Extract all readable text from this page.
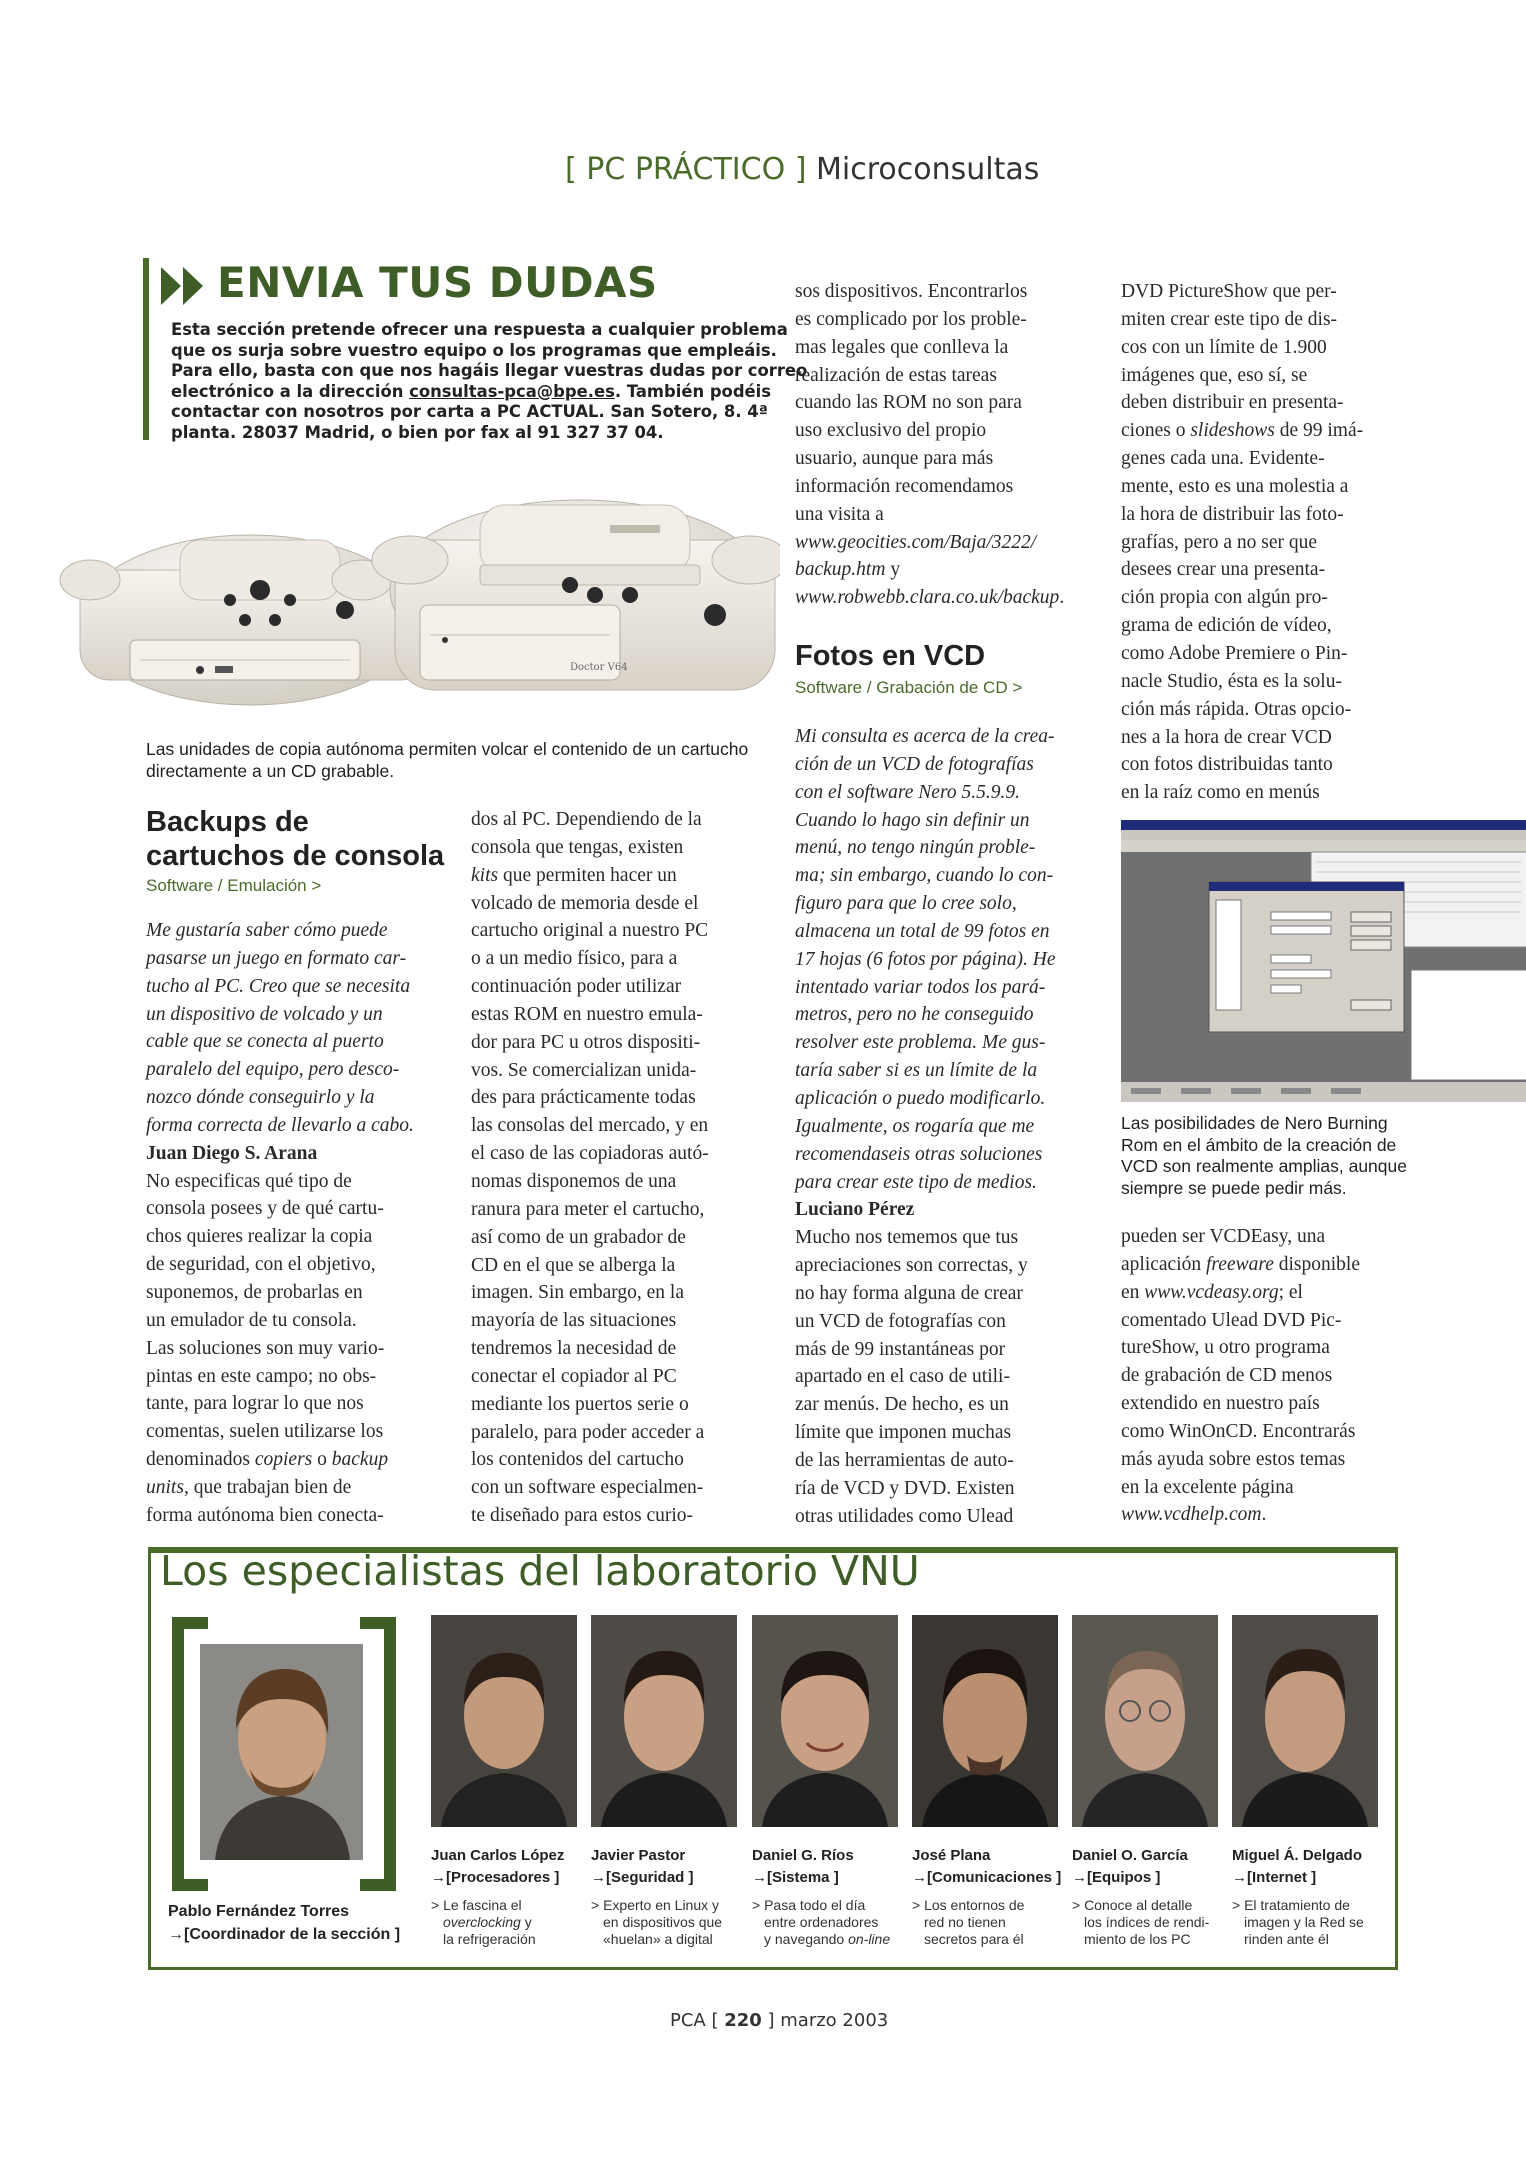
[ PC PRÁCTICO ] Microconsultas
ENVIA TUS DUDAS
Esta sección pretende ofrecer una respuesta a cualquier problema
que os surja sobre vuestro equipo o los programas que empleáis.
Para ello, basta con que nos hagáis llegar vuestras dudas por correo
electrónico a la dirección consultas-pca@bpe.es. También podéis
contactar con nosotros por carta a PC ACTUAL. San Sotero, 8. 4ª
planta. 28037 Madrid, o bien por fax al 91 327 37 04.
Doctor V64
Las unidades de copia autónoma permiten volcar el contenido de un cartucho
directamente a un CD grabable.
Backups de
cartuchos de consola
Software / Emulación >
Me gustaría saber cómo puede
pasarse un juego en formato car-
tucho al PC. Creo que se necesita
un dispositivo de volcado y un
cable que se conecta al puerto
paralelo del equipo, pero desco-
nozco dónde conseguirlo y la
forma correcta de llevarlo a cabo.
Juan Diego S. Arana
No especificas qué tipo de
consola posees y de qué cartu-
chos quieres realizar la copia
de seguridad, con el objetivo,
suponemos, de probarlas en
un emulador de tu consola.
Las soluciones son muy vario-
pintas en este campo; no obs-
tante, para lograr lo que nos
comentas, suelen utilizarse los
denominados copiers o backup
units, que trabajan bien de
forma autónoma bien conecta-
dos al PC. Dependiendo de la
consola que tengas, existen
kits que permiten hacer un
volcado de memoria desde el
cartucho original a nuestro PC
o a un medio físico, para a
continuación poder utilizar
estas ROM en nuestro emula-
dor para PC u otros dispositi-
vos. Se comercializan unida-
des para prácticamente todas
las consolas del mercado, y en
el caso de las copiadoras autó-
nomas disponemos de una
ranura para meter el cartucho,
así como de un grabador de
CD en el que se alberga la
imagen. Sin embargo, en la
mayoría de las situaciones
tendremos la necesidad de
conectar el copiador al PC
mediante los puertos serie o
paralelo, para poder acceder a
los contenidos del cartucho
con un software especialmen-
te diseñado para estos curio-
sos dispositivos. Encontrarlos
es complicado por los proble-
mas legales que conlleva la
realización de estas tareas
cuando las ROM no son para
uso exclusivo del propio
usuario, aunque para más
información recomendamos
una visita a
www.geocities.com/Baja/3222/
backup.htm y
www.robwebb.clara.co.uk/backup.
Fotos en VCD
Software / Grabación de CD >
Mi consulta es acerca de la crea-
ción de un VCD de fotografías
con el software Nero 5.5.9.9.
Cuando lo hago sin definir un
menú, no tengo ningún proble-
ma; sin embargo, cuando lo con-
figuro para que lo cree solo,
almacena un total de 99 fotos en
17 hojas (6 fotos por página). He
intentado variar todos los pará-
metros, pero no he conseguido
resolver este problema. Me gus-
taría saber si es un límite de la
aplicación o puedo modificarlo.
Igualmente, os rogaría que me
recomendaseis otras soluciones
para crear este tipo de medios.
Luciano Pérez
Mucho nos tememos que tus
apreciaciones son correctas, y
no hay forma alguna de crear
un VCD de fotografías con
más de 99 instantáneas por
apartado en el caso de utili-
zar menús. De hecho, es un
límite que imponen muchas
de las herramientas de auto-
ría de VCD y DVD. Existen
otras utilidades como Ulead
DVD PictureShow que per-
miten crear este tipo de dis-
cos con un límite de 1.900
imágenes que, eso sí, se
deben distribuir en presenta-
ciones o slideshows de 99 imá-
genes cada una. Evidente-
mente, esto es una molestia a
la hora de distribuir las foto-
grafías, pero a no ser que
desees crear una presenta-
ción propia con algún pro-
grama de edición de vídeo,
como Adobe Premiere o Pin-
nacle Studio, ésta es la solu-
ción más rápida. Otras opcio-
nes a la hora de crear VCD
con fotos distribuidas tanto
en la raíz como en menús
Las posibilidades de Nero Burning
Rom en el ámbito de la creación de
VCD son realmente amplias, aunque
siempre se puede pedir más.
pueden ser VCDEasy, una
aplicación freeware disponible
en www.vcdeasy.org; el
comentado Ulead DVD Pic-
tureShow, u otro programa
de grabación de CD menos
extendido en nuestro país
como WinOnCD. Encontrarás
más ayuda sobre estos temas
en la excelente página
www.vcdhelp.com.
Los especialistas del laboratorio VNU
Pablo Fernández Torres
→[Coordinador de la sección ]
Juan Carlos López
→[Procesadores ]
> Le fascina el
overclocking y
la refrigeración
Javier Pastor
→[Seguridad ]
> Experto en Linux y
en dispositivos que
«huelan» a digital
Daniel G. Ríos
→[Sistema ]
> Pasa todo el día
entre ordenadores
y navegando on-line
José Plana
→[Comunicaciones ]
> Los entornos de
red no tienen
secretos para él
Daniel O. García
→[Equipos ]
> Conoce al detalle
los índices de rendi-
miento de los PC
Miguel Á. Delgado
→[Internet ]
> El tratamiento de
imagen y la Red se
rinden ante él
PCA [ 220 ] marzo 2003
